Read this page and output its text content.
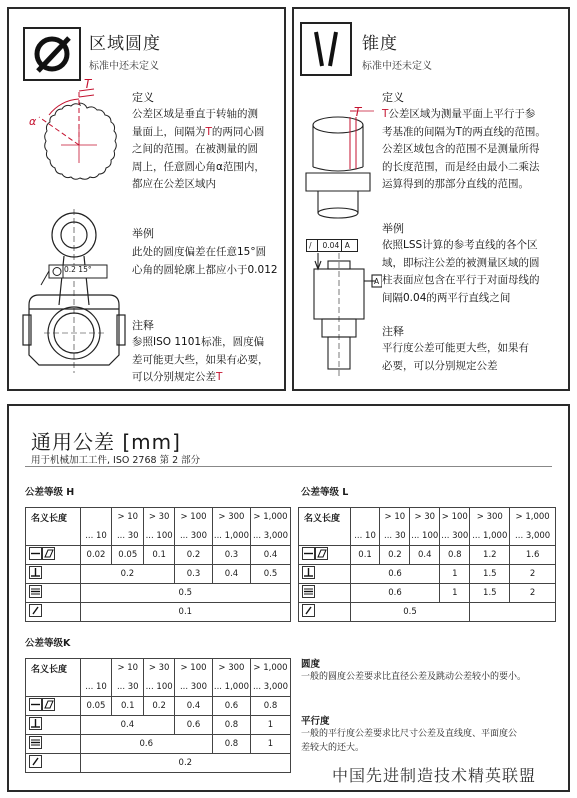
区域圆度
标准中还未定义
T
α
0.2 15°
定义
公差区域是垂直于转轴的测
量面上，间隔为T的两同心圆
之间的范围。在被测量的圆
周上，任意圆心角α范围内，
都应在公差区域内
举例
此处的圆度偏差在任意15°圆
心角的圆轮廓上都应小于0.012
注释
参照ISO 1101标准，圆度偏
差可能更大些，如果有必要，
可以分别规定公差T
锥度
标准中还未定义
T
/ 0.04 A
A
定义
T公差区域为测量平面上平行于参
考基准的间隔为T的两直线的范围。
公差区域包含的范围不是测量所得
的长度范围，而是经由最小二乘法
运算得到的那部分直线的范围。
举例
依照LSS计算的参考直线的各个区
域，即标注公差的被测量区域的圆
柱表面应包含在平行于对面母线的
间隔0.04的两平行直线之间
注释
平行度公差可能更大些，如果有
必要，可以分别规定公差
通用公差 [mm]
用于机械加工工件, ISO 2768 第 2 部分
公差等级 H	公差等级 L
公差等级K
名义长度		> 10	> 30	> 100	> 300	> 1,000
	... 10	... 30	... 100	... 300	... 1,000	... 3,000
	0.02	0.05	0.1	0.2	0.3	0.4
	0.2			0.3	0.4	0.5
	0.5					
	0.1					
名义长度		> 10	> 30	> 100	> 300	> 1,000
	... 10	... 30	... 100	... 300	... 1,000	... 3,000
	0.1	0.2	0.4	0.8	1.2	1.6
	0.6			1	1.5	2
	0.6			1	1.5	2
	0.5					
名义长度		> 10	> 30	> 100	> 300	> 1,000
	... 10	... 30	... 100	... 300	... 1,000	... 3,000
	0.05	0.1	0.2	0.4	0.6	0.8
	0.4			0.6	0.8	1
	0.6				0.8	1
	0.2					
圆度
一般的圆度公差要求比直径公差及跳动公差较小的要小。
平行度
一般的平行度公差要求比尺寸公差及直线度、平面度公
差较大的还大。
中国先进制造技术精英联盟
